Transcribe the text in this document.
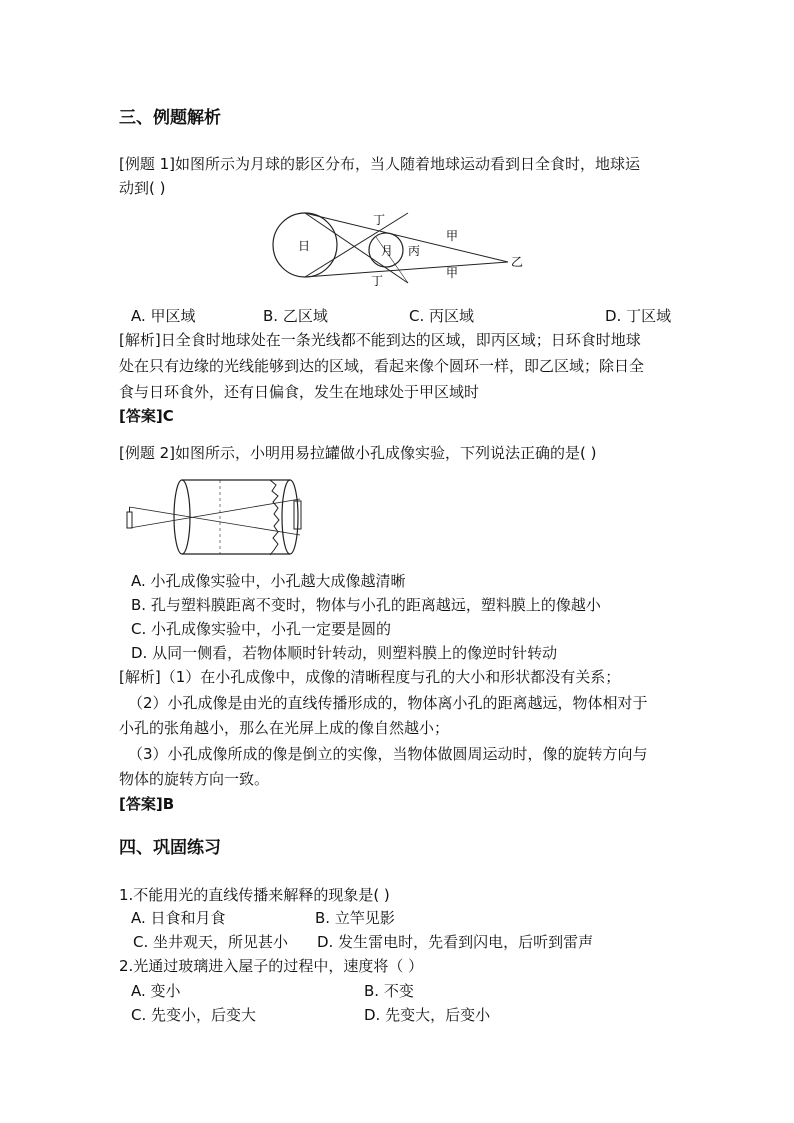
三、例题解析
[例题 1]如图所示为月球的影区分布，当人随着地球运动看到日全食时，地球运
动到( )
日	月 丙
丁
丁
甲
甲
乙
A. 甲区域	B. 乙区域	C. 丙区域	D. 丁区域
[解析]日全食时地球处在一条光线都不能到达的区域，即丙区域；日环食时地球
处在只有边缘的光线能够到达的区域，看起来像个圆环一样，即乙区域；除日全
食与日环食外，还有日偏食，发生在地球处于甲区域时
[答案]C
[例题 2]如图所示，小明用易拉罐做小孔成像实验，下列说法正确的是( )
A. 小孔成像实验中，小孔越大成像越清晰
B. 孔与塑料膜距离不变时，物体与小孔的距离越远，塑料膜上的像越小
C. 小孔成像实验中，小孔一定要是圆的
D. 从同一侧看，若物体顺时针转动，则塑料膜上的像逆时针转动
[解析]（1）在小孔成像中，成像的清晰程度与孔的大小和形状都没有关系；
（2）小孔成像是由光的直线传播形成的，物体离小孔的距离越远，物体相对于
小孔的张角越小，那么在光屏上成的像自然越小；
（3）小孔成像所成的像是倒立的实像，当物体做圆周运动时，像的旋转方向与
物体的旋转方向一致。
[答案]B
四、巩固练习
1.不能用光的直线传播来解释的现象是( )
A. 日食和月食	B. 立竿见影
C. 坐井观天，所见甚小 D. 发生雷电时，先看到闪电，后听到雷声
2.光通过玻璃进入屋子的过程中，速度将（ ）
A. 变小	B. 不变
C. 先变小，后变大	D. 先变大，后变小
